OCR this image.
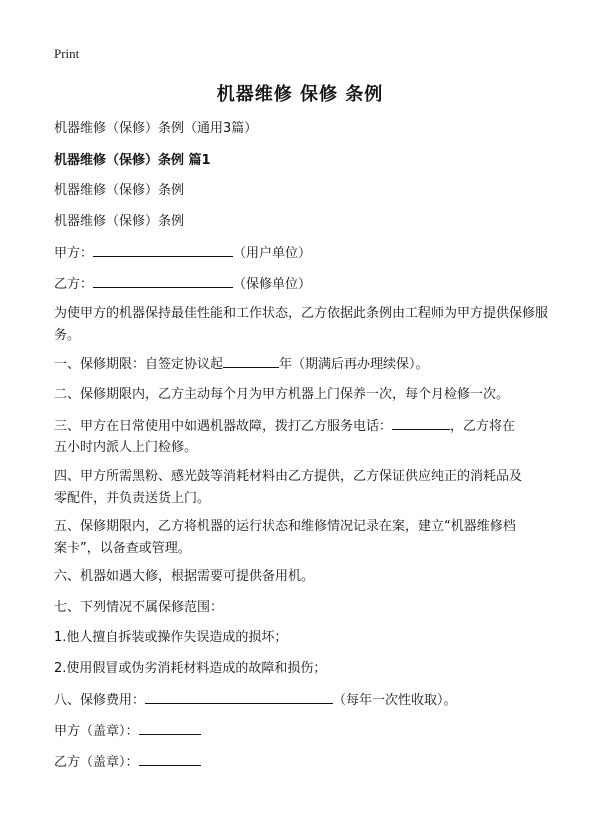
Print
机器维修 保修 条例
机器维修（保修）条例（通用3篇）
机器维修（保修）条例 篇1
机器维修（保修）条例
机器维修（保修）条例
甲方：	（用户单位）
乙方：	（保修单位）
为使甲方的机器保持最佳性能和工作状态，乙方依据此条例由工程师为甲方提供保修服务。
一、保修期限：自签定协议起	年（期满后再办理续保）。
二、保修期限内，乙方主动每个月为甲方机器上门保养一次，每个月检修一次。
三、甲方在日常使用中如遇机器故障，拨打乙方服务电话：	，乙方将在
五小时内派人上门检修。
四、甲方所需黑粉、感光鼓等消耗材料由乙方提供，乙方保证供应纯正的消耗品及
零配件，并负责送货上门。
五、保修期限内，乙方将机器的运行状态和维修情况记录在案，建立“机器维修档
案卡”，以备查或管理。
六、机器如遇大修，根据需要可提供备用机。
七、下列情况不属保修范围：
1.他人擅自拆装或操作失误造成的损坏；
2.使用假冒或伪劣消耗材料造成的故障和损伤；
八、保修费用：	（每年一次性收取）。
甲方（盖章）：
乙方（盖章）：
